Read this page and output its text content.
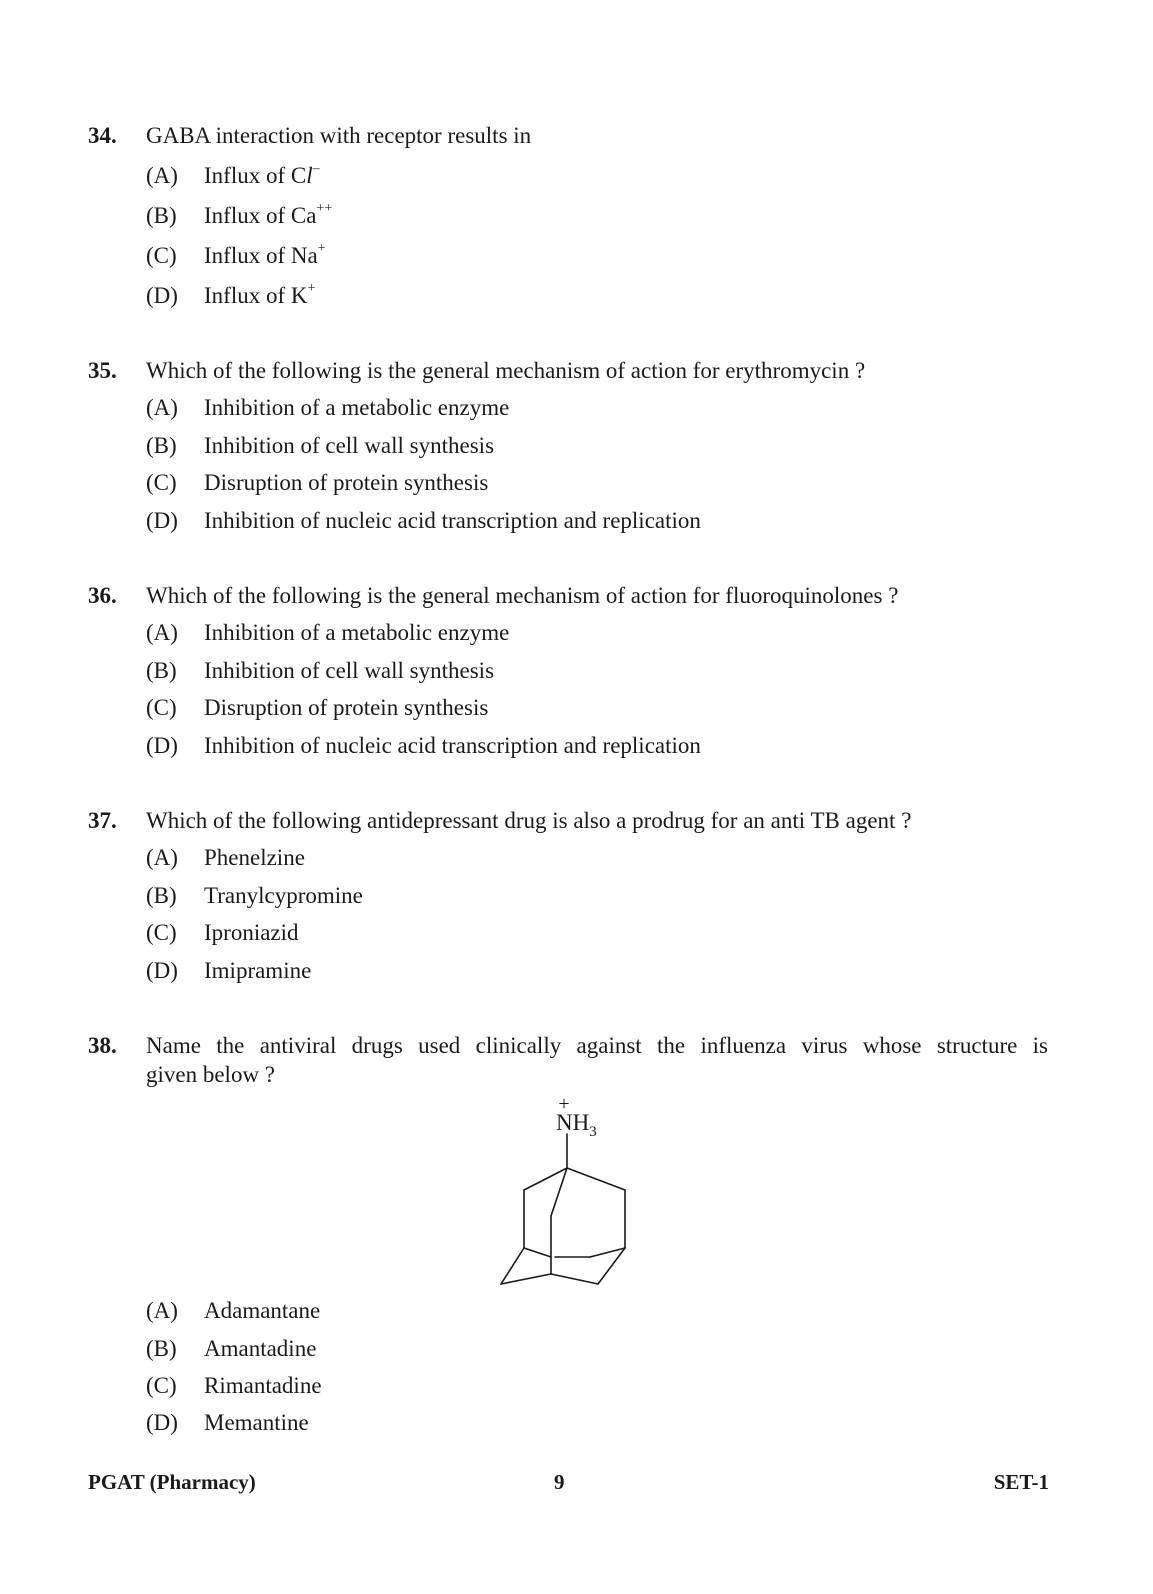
34. GABA interaction with receptor results in
(A) Influx of Cl–
(B) Influx of Ca++
(C) Influx of Na+
(D) Influx of K+
35. Which of the following is the general mechanism of action for erythromycin ?
(A) Inhibition of a metabolic enzyme
(B) Inhibition of cell wall synthesis
(C) Disruption of protein synthesis
(D) Inhibition of nucleic acid transcription and replication
36. Which of the following is the general mechanism of action for fluoroquinolones ?
(A) Inhibition of a metabolic enzyme
(B) Inhibition of cell wall synthesis
(C) Disruption of protein synthesis
(D) Inhibition of nucleic acid transcription and replication
37. Which of the following antidepressant drug is also a prodrug for an anti TB agent ?
(A) Phenelzine
(B) Tranylcypromine
(C) Iproniazid
(D) Imipramine
38. Name the antiviral drugs used clinically against the influenza virus whose structure is
given below ?
+
$NH_3$
(A) Adamantane
(B) Amantadine
(C) Rimantadine
(D) Memantine
PGAT (Pharmacy)	9	SET-1
